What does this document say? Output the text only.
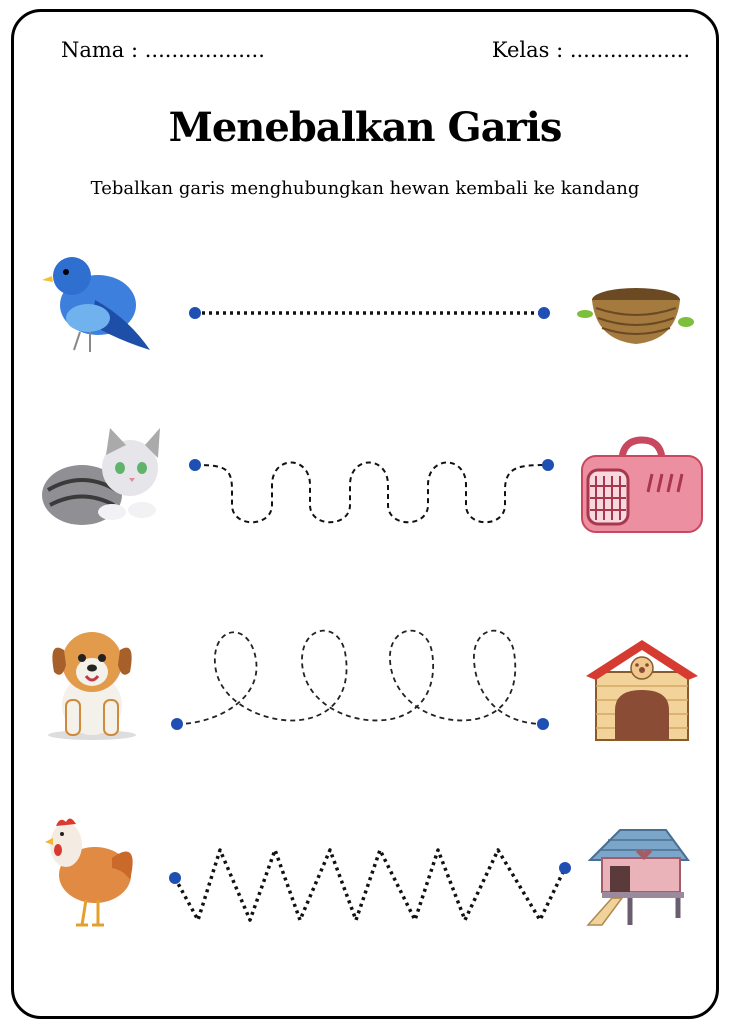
Nama : ..................	Kelas : ..................
Menebalkan Garis
Tebalkan garis menghubungkan hewan kembali ke kandang
